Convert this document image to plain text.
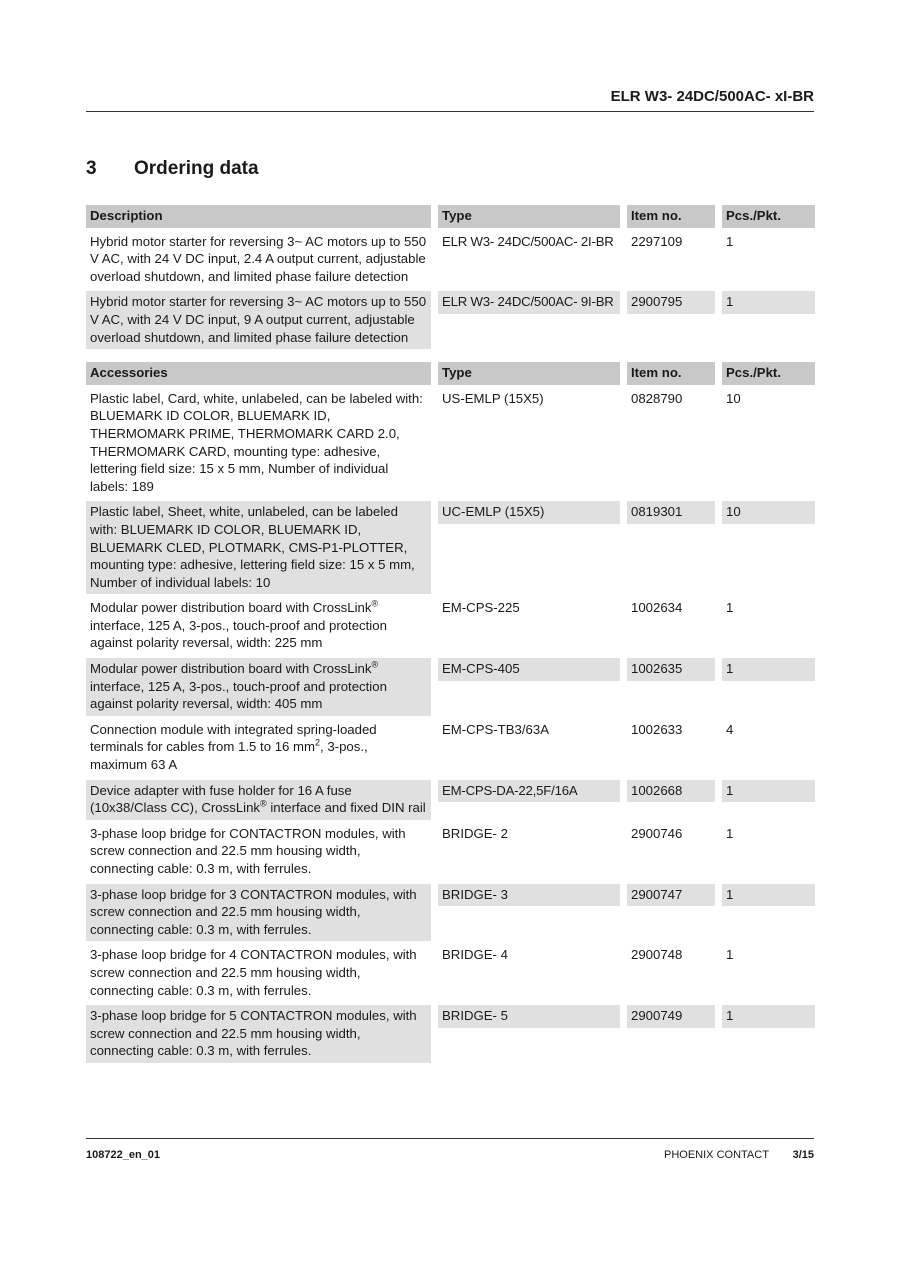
ELR W3- 24DC/500AC- xI-BR
3 Ordering data
Description	Type	Item no.	Pcs./Pkt.

Hybrid motor starter for reversing 3~ AC motors up to 550 V AC, with 24 V DC input, 2.4 A output current, adjustable overload shutdown, and limited phase failure detection	ELR W3- 24DC/500AC- 2I-BR	2297109	1

Hybrid motor starter for reversing 3~ AC motors up to 550 V AC, with 24 V DC input, 9 A output current, adjustable overload shutdown, and limited phase failure detection	ELR W3- 24DC/500AC- 9I-BR	2900795	1
Accessories	Type	Item no.	Pcs./Pkt.

Plastic label, Card, white, unlabeled, can be labeled with: BLUEMARK ID COLOR, BLUEMARK ID, THERMOMARK PRIME, THERMOMARK CARD 2.0, THERMOMARK CARD, mounting type: adhesive, lettering field size: 15 x 5 mm, Number of individual labels: 189	US-EMLP (15X5)	0828790	10

Plastic label, Sheet, white, unlabeled, can be labeled with: BLUEMARK ID COLOR, BLUEMARK ID, BLUEMARK CLED, PLOTMARK, CMS-P1-PLOTTER, mounting type: adhesive, lettering field size: 15 x 5 mm, Number of individual labels: 10	UC-EMLP (15X5)	0819301	10

Modular power distribution board with CrossLink® interface, 125 A, 3-pos., touch-proof and protection against polarity reversal, width: 225 mm	EM-CPS-225	1002634	1

Modular power distribution board with CrossLink® interface, 125 A, 3-pos., touch-proof and protection against polarity reversal, width: 405 mm	EM-CPS-405	1002635	1

Connection module with integrated spring-loaded terminals for cables from 1.5 to 16 $mm^2$, 3-pos., maximum 63 A	EM-CPS-TB3/63A	1002633	4

Device adapter with fuse holder for 16 A fuse (10x38/Class CC), CrossLink® interface and fixed DIN rail	EM-CPS-DA-22,5F/16A	1002668	1

3-phase loop bridge for CONTACTRON modules, with screw connection and 22.5 mm housing width, connecting cable: 0.3 m, with ferrules.	BRIDGE- 2	2900746	1

3-phase loop bridge for 3 CONTACTRON modules, with screw connection and 22.5 mm housing width, connecting cable: 0.3 m, with ferrules.	BRIDGE- 3	2900747	1

3-phase loop bridge for 4 CONTACTRON modules, with screw connection and 22.5 mm housing width, connecting cable: 0.3 m, with ferrules.	BRIDGE- 4	2900748	1

3-phase loop bridge for 5 CONTACTRON modules, with screw connection and 22.5 mm housing width, connecting cable: 0.3 m, with ferrules.	BRIDGE- 5	2900749	1
108722_en_01	PHOENIX CONTACT 3/15
